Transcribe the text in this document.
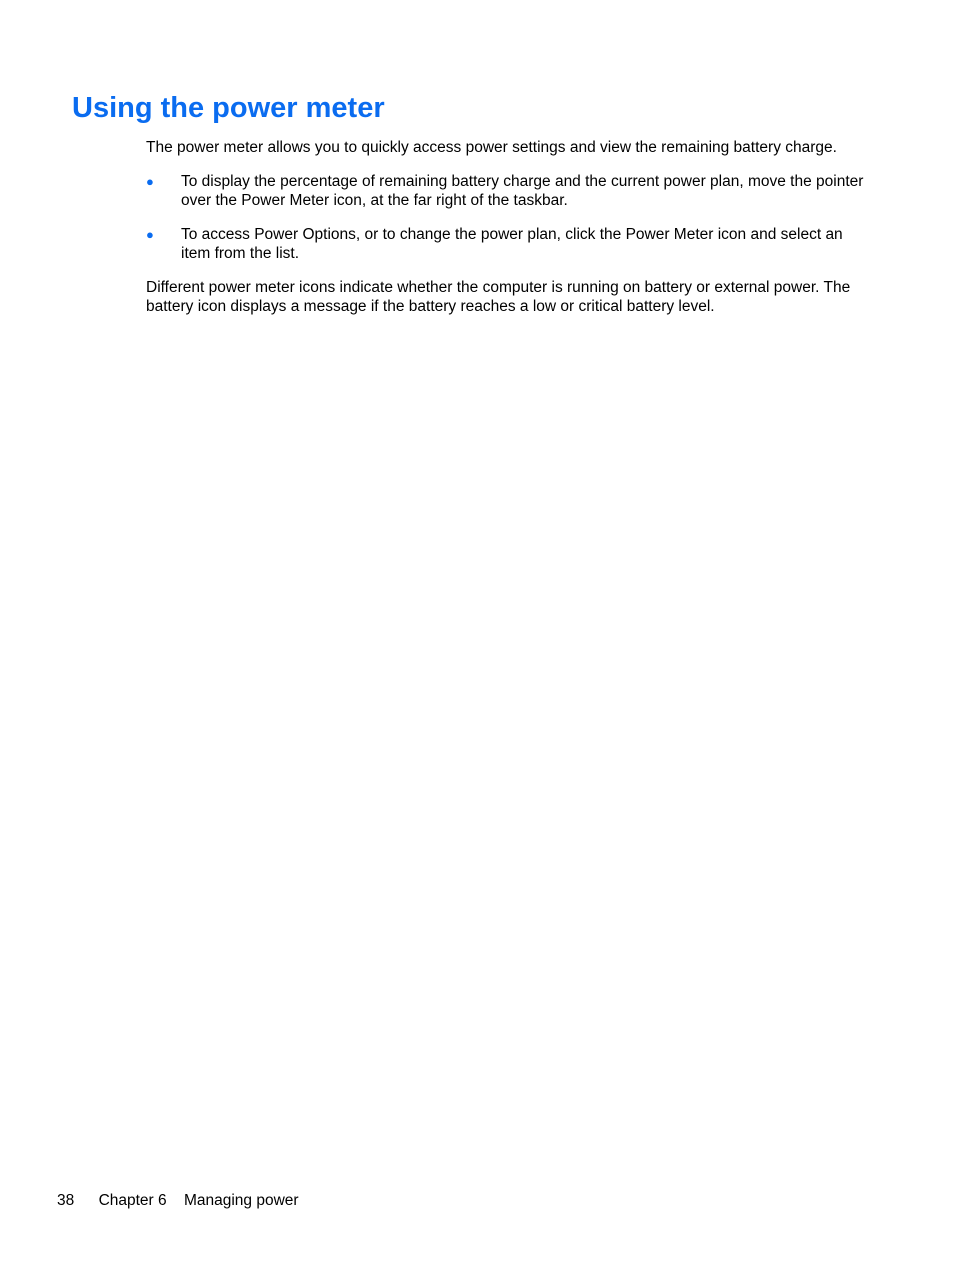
Using the power meter

The power meter allows you to quickly access power settings and view the remaining battery charge.

● To display the percentage of remaining battery charge and the current power plan, move the pointer over the Power Meter icon, at the far right of the taskbar.
● To access Power Options, or to change the power plan, click the Power Meter icon and select an item from the list.

Different power meter icons indicate whether the computer is running on battery or external power. The battery icon displays a message if the battery reaches a low or critical battery level.

38 Chapter 6 Managing power
